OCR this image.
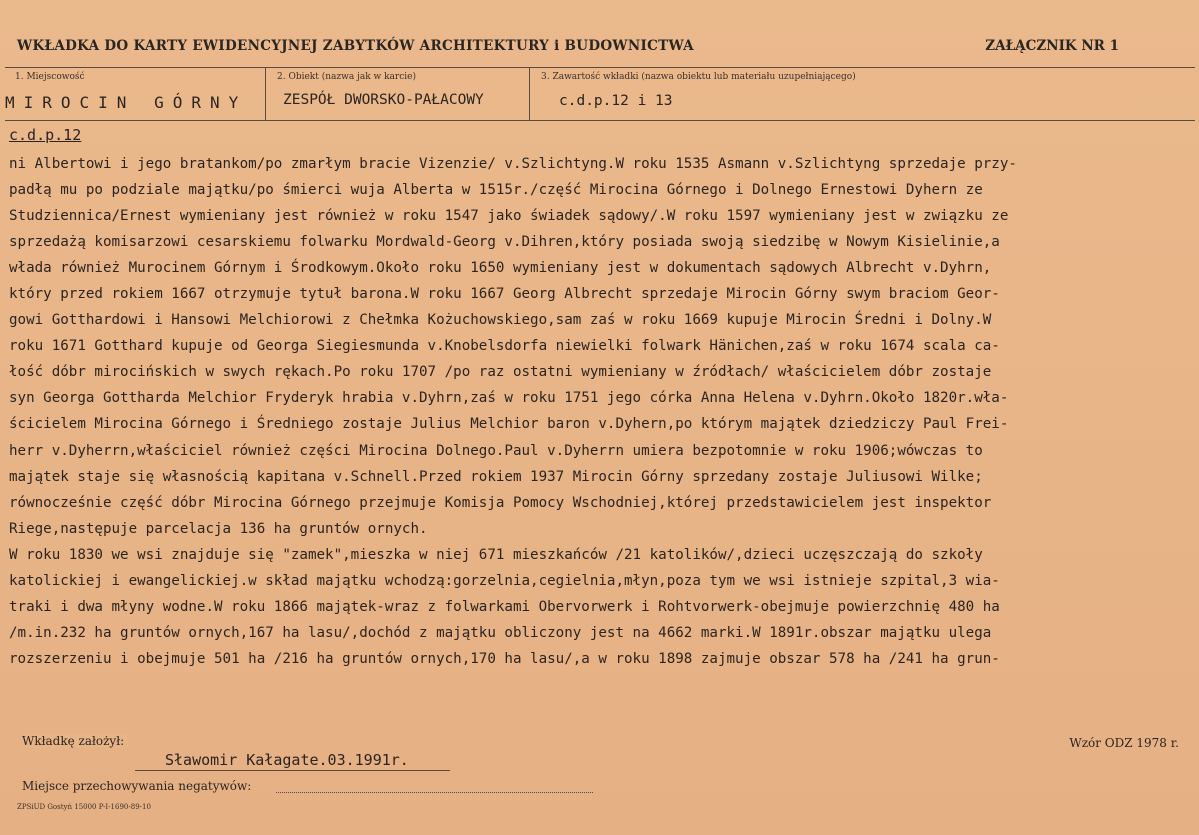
WKŁADKA DO KARTY EWIDENCYJNEJ ZABYTKÓW ARCHITEKTURY i BUDOWNICTWA	ZAŁĄCZNIK NR 1
1. Miejscowość
MIROCIN GÓRNY
2. Obiekt (nazwa jak w karcie)
ZESPÓŁ DWORSKO-PAŁACOWY
3. Zawartość wkładki (nazwa obiektu lub materiału uzupełniającego)
c.d.p.12 i 13
c.d.p.12
ni Albertowi i jego bratankom/po zmarłym bracie Vizenzie/ v.Szlichtyng.W roku 1535 Asmann v.Szlichtyng sprzedaje przy-
padłą mu po podziale majątku/po śmierci wuja Alberta w 1515r./część Mirocina Górnego i Dolnego Ernestowi Dyhern ze
Studziennica/Ernest wymieniany jest również w roku 1547 jako świadek sądowy/.W roku 1597 wymieniany jest w związku ze
sprzedażą komisarzowi cesarskiemu folwarku Mordwald-Georg v.Dihren,który posiada swoją siedzibę w Nowym Kisielinie,a
włada również Murocinem Górnym i Środkowym.Około roku 1650 wymieniany jest w dokumentach sądowych Albrecht v.Dyhrn,
który przed rokiem 1667 otrzymuje tytuł barona.W roku 1667 Georg Albrecht sprzedaje Mirocin Górny swym braciom Geor-
gowi Gotthardowi i Hansowi Melchiorowi z Chełmka Kożuchowskiego,sam zaś w roku 1669 kupuje Mirocin Średni i Dolny.W
roku 1671 Gotthard kupuje od Georga Siegiesmunda v.Knobelsdorfa niewielki folwark Hänichen,zaś w roku 1674 scala ca-
łość dóbr mirocińskich w swych rękach.Po roku 1707 /po raz ostatni wymieniany w źródłach/ właścicielem dóbr zostaje
syn Georga Gottharda Melchior Fryderyk hrabia v.Dyhrn,zaś w roku 1751 jego córka Anna Helena v.Dyhrn.Około 1820r.wła-
ścicielem Mirocina Górnego i Średniego zostaje Julius Melchior baron v.Dyhern,po którym majątek dziedziczy Paul Frei-
herr v.Dyherrn,właściciel również części Mirocina Dolnego.Paul v.Dyherrn umiera bezpotomnie w roku 1906;wówczas to
majątek staje się własnością kapitana v.Schnell.Przed rokiem 1937 Mirocin Górny sprzedany zostaje Juliusowi Wilke;
równocześnie część dóbr Mirocina Górnego przejmuje Komisja Pomocy Wschodniej,której przedstawicielem jest inspektor
Riege,następuje parcelacja 136 ha gruntów ornych.
W roku 1830 we wsi znajduje się "zamek",mieszka w niej 671 mieszkańców /21 katolików/,dzieci uczęszczają do szkoły
katolickiej i ewangelickiej.w skład majątku wchodzą:gorzelnia,cegielnia,młyn,poza tym we wsi istnieje szpital,3 wia-
traki i dwa młyny wodne.W roku 1866 majątek-wraz z folwarkami Obervorwerk i Rohtvorwerk-obejmuje powierzchnię 480 ha
/m.in.232 ha gruntów ornych,167 ha lasu/,dochód z majątku obliczony jest na 4662 marki.W 1891r.obszar majątku ulega
rozszerzeniu i obejmuje 501 ha /216 ha gruntów ornych,170 ha lasu/,a w roku 1898 zajmuje obszar 578 ha /241 ha grun-
Wkładkę założył:
Sławomir Kałagate.03.1991r.
Wzór ODZ 1978 r.
Miejsce przechowywania negatywów:
ZPSiUD Gostyń 15000 P-I-1690-89-10
